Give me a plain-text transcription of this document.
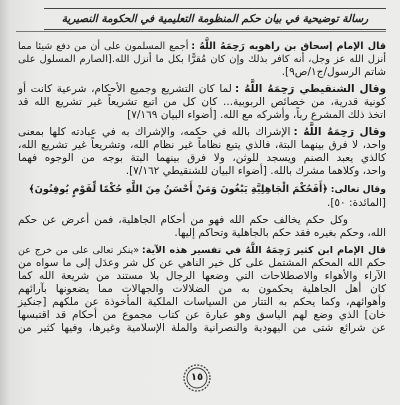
رسالة توضيحية في بيان حكم المنظومة التعليمية في الحكومة النصيرية
قال الإمام إسحاق بن راهويه رَحِمَهُ اللَّهُ :أجمع المسلمون على أن من دفع شيئا مما
أنزل الله عز وجل، أنه كافر بذلك وإن كان مُقرًّا بكل ما أنزل الله.[الصارم المسلول على
شاتم الرسول/ج١/ص٩].
وقال الشنقيطي رَحِمَهُ اللَّهُ :لما كان التشريع وجميع الأحكام، شرعية كانت أو
كونية قدرية، من خصائص الربوبية... كان كل من اتبع تشريعاً غير تشريع الله قد
اتخذ ذلك المشرع رباً، وأشركه مع الله. [أضواء البيان ٧/١٦٩]
وقال رَحِمَهُ اللَّهُ :الإشراك بالله في حكمه، والإشراك به في عبادته كلها بمعنى
واحد، لا فرق بينهما البتة، فالذي يتبع نظاماً غير نظام الله، وتشريعاً غير تشريع الله،
كالذي يعبد الصنم ويسجد للوثن، ولا فرق بينهما البتة بوجه من الوجوه فهما
واحد، وكلاهما مشرك بالله. [أضواء البيان للشنقيطي ٧/١٦٢].
وقال تعالى:﴿أَفَحُكْمَ الْجَاهِلِيَّةِ يَبْغُونَ وَمَنْ أَحْسَنُ مِنَ اللَّهِ حُكْمًا لِّقَوْمٍ يُوقِنُونَ﴾
[المائدة: ٥٠].
وكل حكم يخالف حكم الله فهو من أحكام الجاهلية، فمن أعرض عن حكم
الله، وحكم بغيره فقد حكم بالجاهلية وتحاكم إليها.
قال الإمام ابن كثير رَحِمَهُ اللَّهُ في تفسير هذه الآية:«ينكر تعالى على من خرج عن
حكم الله المحكم المشتمل على كل خير الناهي عن كل شر وعدَل إلى ما سواه من
الآراء والأهواء والاصطلاحات التي وضعها الرجال بلا مستند من شريعة الله كما
كان أهل الجاهلية يحكمون به من الضلالات والجهالات مما يضعونها بآرائهم
وأهوائهم، وكما يحكم به التتار من السياسات الملكية المأخوذة عن ملكهم [جنكيز
خان] الذي وضع لهم الياسق وهو عبارة عن كتاب مجموع من أحكام قد اقتبسها
عن شرائع شتى من اليهودية والنصرانية والملة الإسلامية وغيرها، وفيها كثير من
١٥
